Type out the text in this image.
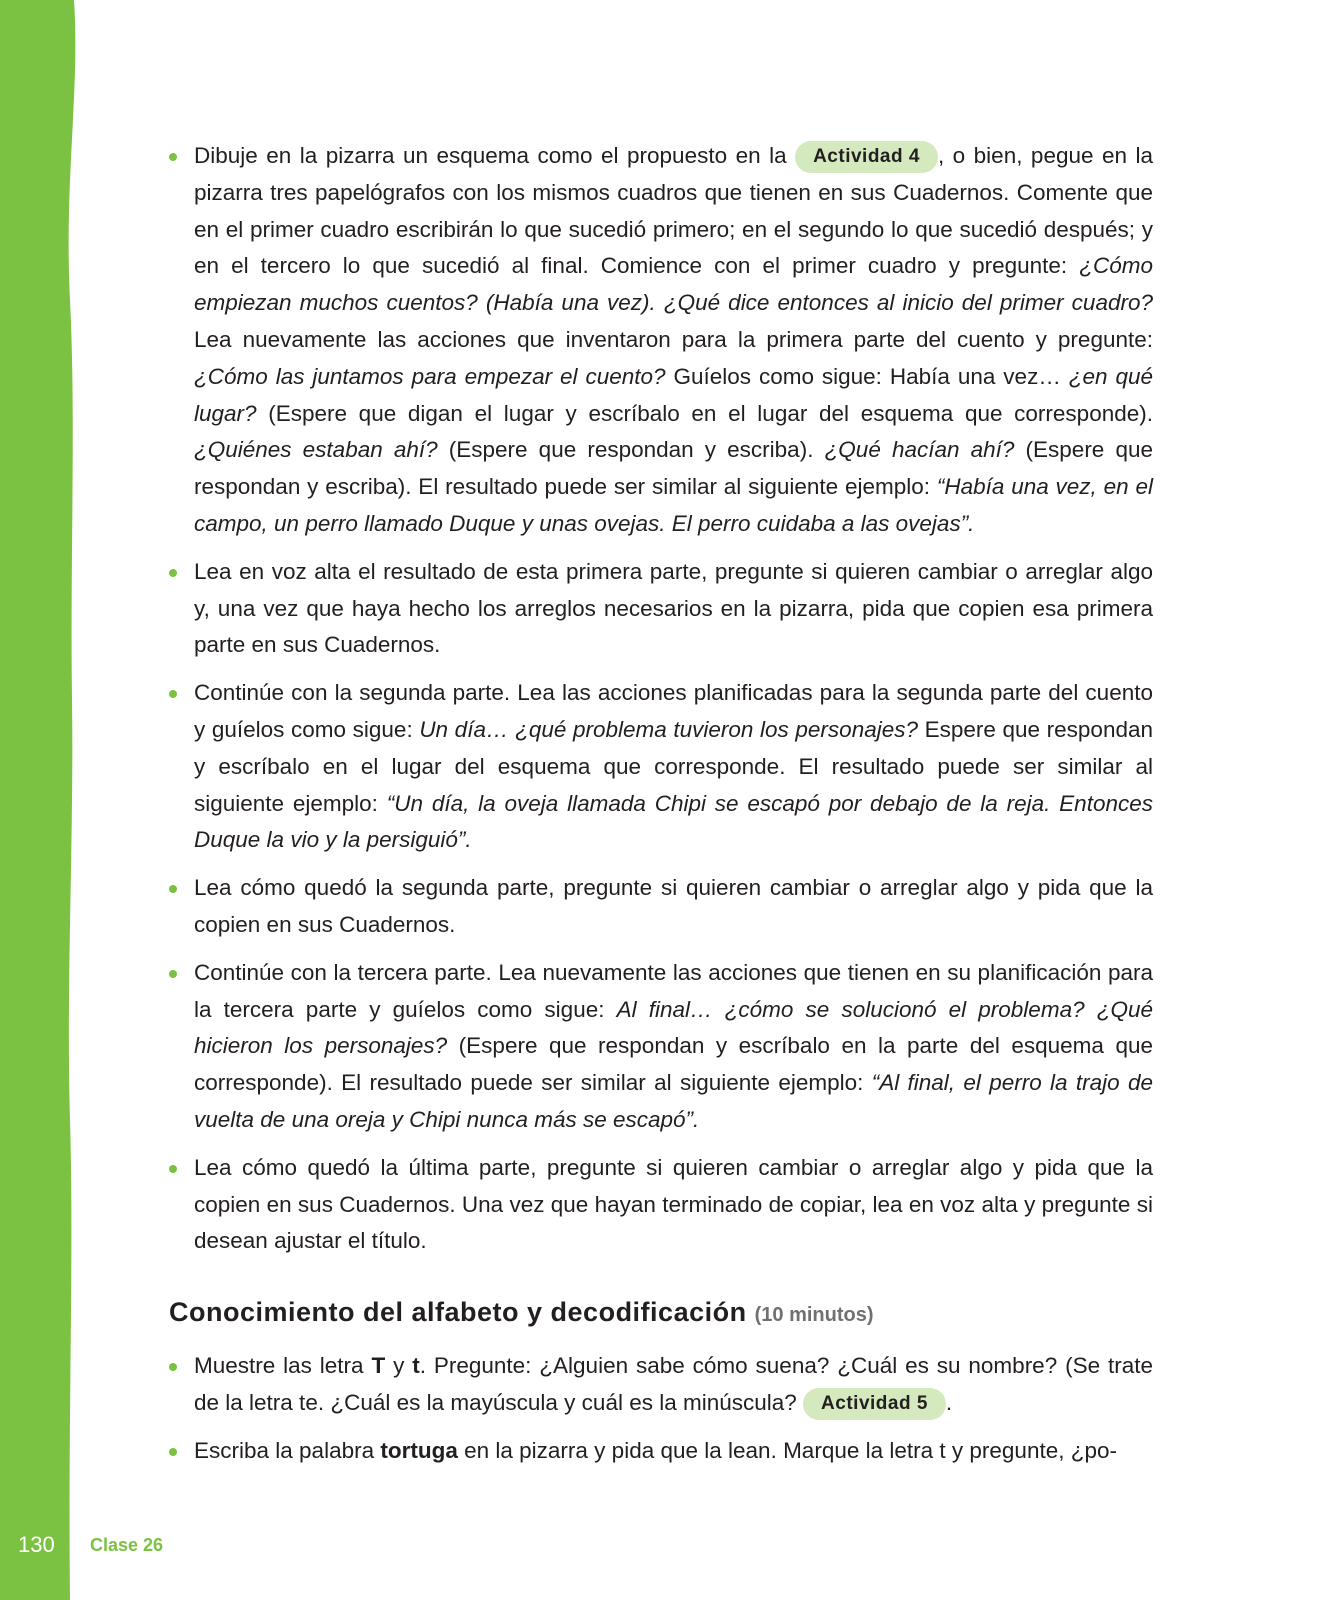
Dibuje en la pizarra un esquema como el propuesto en la Actividad 4 , o bien, pegue en la pizarra tres papelógrafos con los mismos cuadros que tienen en sus Cuadernos. Comente que en el primer cuadro escribirán lo que sucedió primero; en el segundo lo que sucedió después; y en el tercero lo que sucedió al final. Comience con el primer cuadro y pregunte: ¿Cómo empiezan muchos cuentos? (Había una vez). ¿Qué dice entonces al inicio del primer cuadro? Lea nuevamente las acciones que inventaron para la primera parte del cuento y pregunte: ¿Cómo las juntamos para empezar el cuento? Guíelos como sigue: Había una vez… ¿en qué lugar? (Espere que digan el lugar y escríbalo en el lugar del esquema que corresponde). ¿Quiénes estaban ahí? (Espere que respondan y escriba). ¿Qué hacían ahí? (Espere que respondan y escriba). El resultado puede ser similar al siguiente ejemplo: “Había una vez, en el campo, un perro llamado Duque y unas ovejas. El perro cuidaba a las ovejas”.
Lea en voz alta el resultado de esta primera parte, pregunte si quieren cambiar o arreglar algo y, una vez que haya hecho los arreglos necesarios en la pizarra, pida que copien esa primera parte en sus Cuadernos.
Continúe con la segunda parte. Lea las acciones planificadas para la segunda parte del cuento y guíelos como sigue: Un día… ¿qué problema tuvieron los personajes? Espere que respondan y escríbalo en el lugar del esquema que corresponde. El resultado puede ser similar al siguiente ejemplo: “Un día, la oveja llamada Chipi se escapó por debajo de la reja. Entonces Duque la vio y la persiguió”.
Lea cómo quedó la segunda parte, pregunte si quieren cambiar o arreglar algo y pida que la copien en sus Cuadernos.
Continúe con la tercera parte. Lea nuevamente las acciones que tienen en su planificación para la tercera parte y guíelos como sigue: Al final… ¿cómo se solucionó el problema? ¿Qué hicieron los personajes? (Espere que respondan y escríbalo en la parte del esquema que corresponde). El resultado puede ser similar al siguiente ejemplo: “Al final, el perro la trajo de vuelta de una oreja y Chipi nunca más se escapó”.
Lea cómo quedó la última parte, pregunte si quieren cambiar o arreglar algo y pida que la copien en sus Cuadernos. Una vez que hayan terminado de copiar, lea en voz alta y pregunte si desean ajustar el título.
Conocimiento del alfabeto y decodificación (10 minutos)
Muestre las letra T y t. Pregunte: ¿Alguien sabe cómo suena? ¿Cuál es su nombre? (Se trate de la letra te. ¿Cuál es la mayúscula y cuál es la minúscula? Actividad 5 .
Escriba la palabra tortuga en la pizarra y pida que la lean. Marque la letra t y pregunte, ¿po-
130 Clase 26
